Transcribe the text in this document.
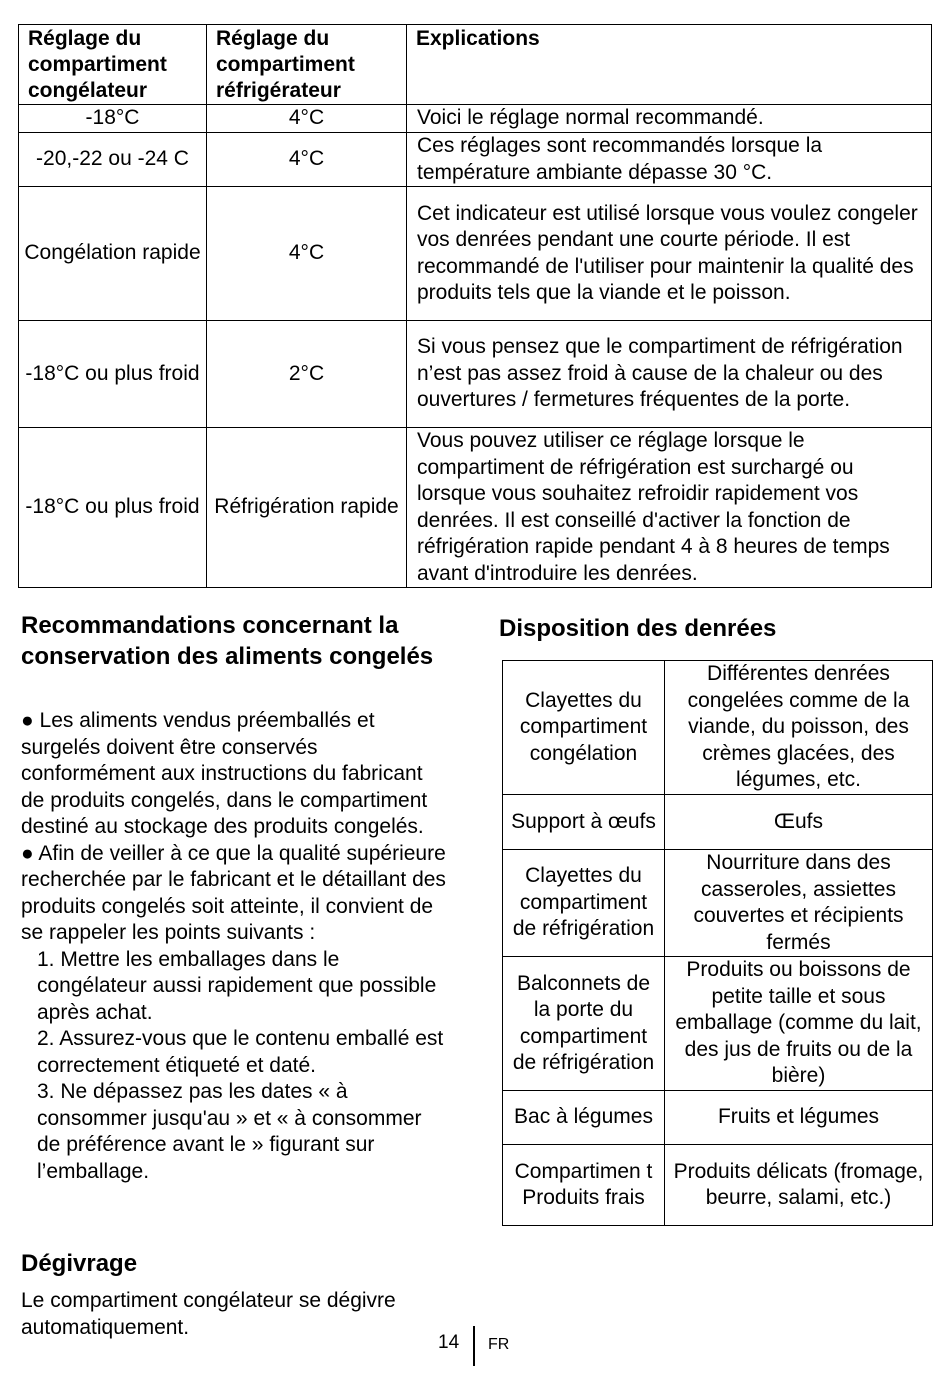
Réglage du compartiment congélateur	Réglage du compartiment réfrigérateur	Explications
-18°C	4°C	Voici le réglage normal recommandé.
-20,-22 ou -24 C	4°C	Ces réglages sont recommandés lorsque la température ambiante dépasse 30 °C.
Congélation rapide	4°C	Cet indicateur est utilisé lorsque vous voulez congeler vos denrées pendant une courte période. Il est recommandé de l'utiliser pour maintenir la qualité des produits tels que la viande et le poisson.
-18°C ou plus froid	2°C	Si vous pensez que le compartiment de réfrigération n’est pas assez froid à cause de la chaleur ou des ouvertures / fermetures fréquentes de la porte.
-18°C ou plus froid	Réfrigération rapide	Vous pouvez utiliser ce réglage lorsque le compartiment de réfrigération est surchargé ou lorsque vous souhaitez refroidir rapidement vos denrées. Il est conseillé d'activer la fonction de réfrigération rapide pendant 4 à 8 heures de temps avant d'introduire les denrées.
Recommandations concernant la conservation des aliments congelés

● Les aliments vendus préemballés et surgelés doivent être conservés conformément aux instructions du fabricant de produits congelés, dans le compartiment destiné au stockage des produits congelés.

● Afin de veiller à ce que la qualité supérieure recherchée par le fabricant et le détaillant des produits congelés soit atteinte, il convient de se rappeler les points suivants :

1. Mettre les emballages dans le congélateur aussi rapidement que possible après achat.

2. Assurez-vous que le contenu emballé est correctement étiqueté et daté.

3. Ne dépassez pas les dates « à consommer jusqu'au » et « à consommer de préférence avant le » figurant sur l’emballage.

Dégivrage

Le compartiment congélateur se dégivre automatiquement.

Disposition des denrées
Clayettes du compartiment congélation	Différentes denrées congelées comme de la viande, du poisson, des crèmes glacées, des légumes, etc.
Support à œufs	Œufs
Clayettes du compartiment de réfrigération	Nourriture dans des casseroles, assiettes couvertes et récipients fermés
Balconnets de la porte du compartiment de réfrigération	Produits ou boissons de petite taille et sous emballage (comme du lait, des jus de fruits ou de la bière)
Bac à légumes	Fruits et légumes
Compartimen t Produits frais	Produits délicats (fromage, beurre, salami, etc.)
14 FR
